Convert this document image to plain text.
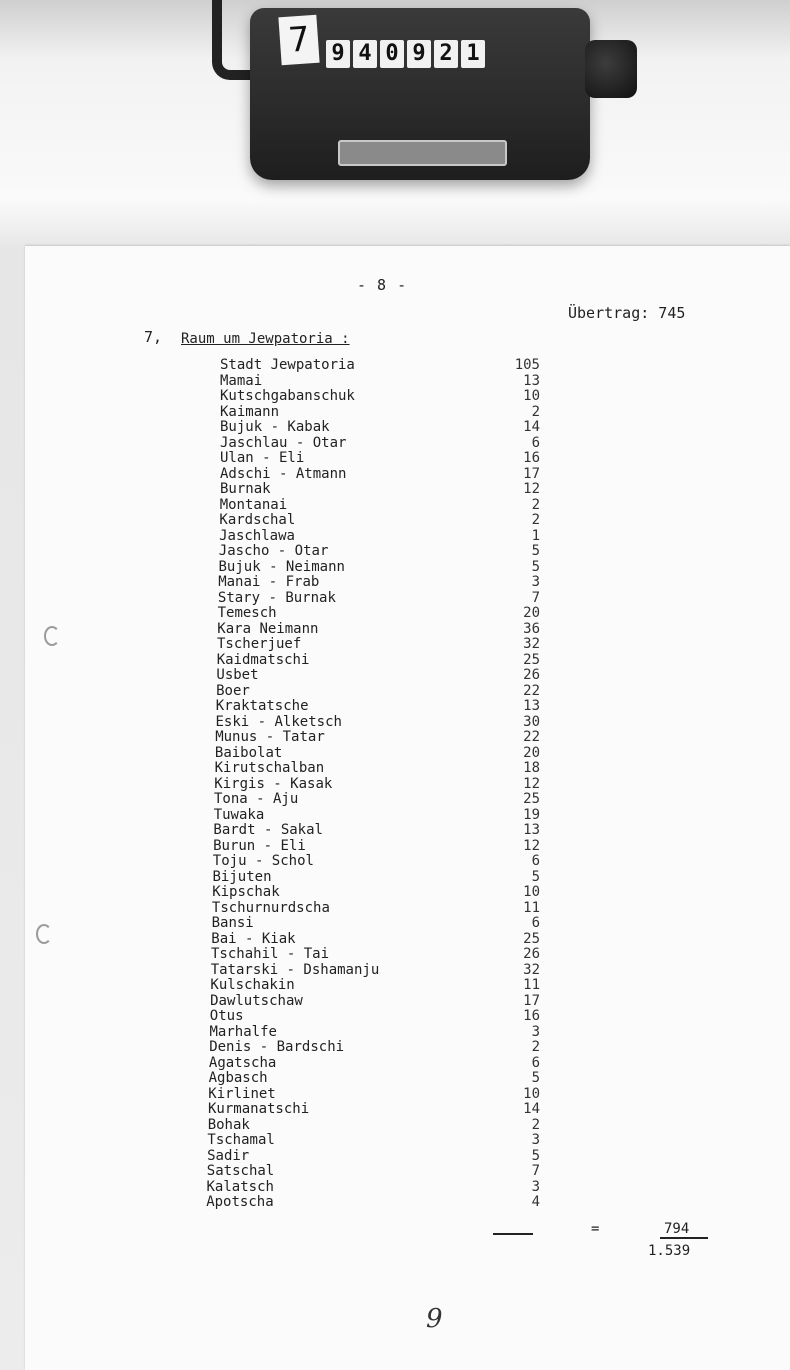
7 9 4 0 9 2 1
- 8 -
Übertrag: 745
7, Raum um Jewpatoria :
Stadt Jewpatoria	105
Mamai	13
Kutschgabanschuk	10
Kaimann	2
Bujuk - Kabak	14
Jaschlau - Otar	6
Ulan - Eli	16
Adschi - Atmann	17
Burnak	12
Montanai	2
Kardschal	2
Jaschlawa	1
Jascho - Otar	5
Bujuk - Neimann	5
Manai - Frab	3
Stary - Burnak	7
Temesch	20
Kara Neimann	36
Tscherjuef	32
Kaidmatschi	25
Usbet	26
Boer	22
Kraktatsche	13
Eski - Alketsch	30
Munus - Tatar	22
Baibolat	20
Kirutschalban	18
Kirgis - Kasak	12
Tona - Aju	25
Tuwaka	19
Bardt - Sakal	13
Burun - Eli	12
Toju - Schol	6
Bijuten	5
Kipschak	10
Tschurnurdscha	11
Bansi	6
Bai - Kiak	25
Tschahil - Tai	26
Tatarski - Dshamanju	32
Kulschakin	11
Dawlutschaw	17
Otus	16
Marhalfe	3
Denis - Bardschi	2
Agatscha	6
Agbasch	5
Kirlinet	10
Kurmanatschi	14
Bohak	2
Tschamal	3
Sadir	5
Satschal	7
Kalatsch	3
Apotscha	4
=	794
1.539
9
